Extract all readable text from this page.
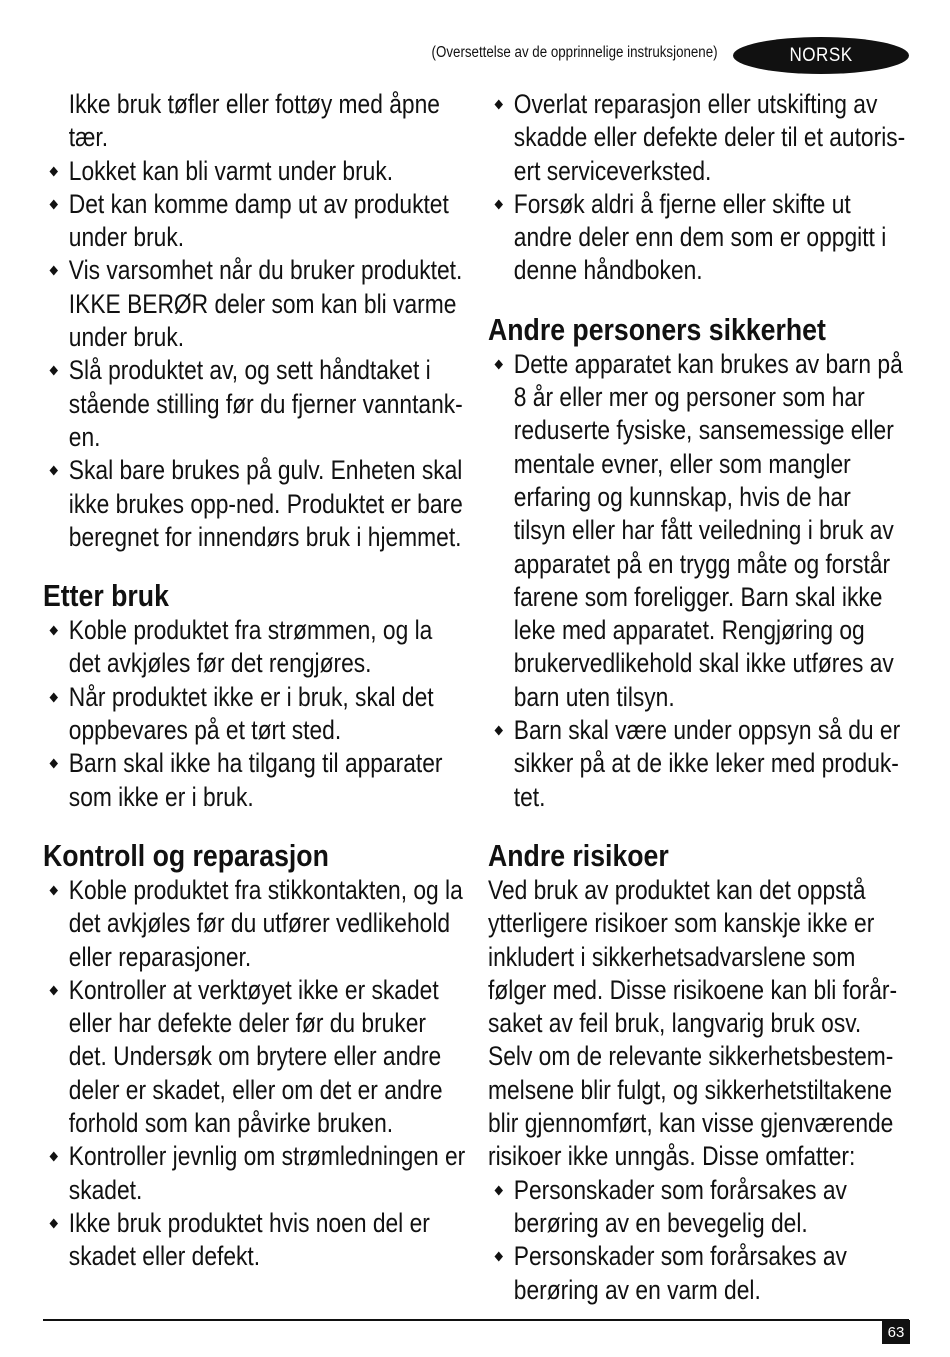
(Oversettelse av de opprinnelige instruksjonene)	NORSK
Ikke bruk tøfler eller fottøy med åpne tær.
Lokket kan bli varmt under bruk.
Det kan komme damp ut av produktet under bruk.
Vis varsomhet når du bruker produktet. IKKE BERØR deler som kan bli varme under bruk.
Slå produktet av, og sett håndtaket i stående stilling før du fjerner vanntank-en.
Skal bare brukes på gulv. Enheten skal ikke brukes opp-ned. Produktet er bare beregnet for innendørs bruk i hjemmet.
Etter bruk
Koble produktet fra strømmen, og la det avkjøles før det rengjøres.
Når produktet ikke er i bruk, skal det oppbevares på et tørt sted.
Barn skal ikke ha tilgang til apparater som ikke er i bruk.
Kontroll og reparasjon
Koble produktet fra stikkontakten, og la det avkjøles før du utfører vedlikehold eller reparasjoner.
Kontroller at verktøyet ikke er skadet eller har defekte deler før du bruker det. Undersøk om brytere eller andre deler er skadet, eller om det er andre forhold som kan påvirke bruken.
Kontroller jevnlig om strømledningen er skadet.
Ikke bruk produktet hvis noen del er skadet eller defekt.
Overlat reparasjon eller utskifting av skadde eller defekte deler til et autoris-ert serviceverksted.
Forsøk aldri å fjerne eller skifte ut andre deler enn dem som er oppgitt i denne håndboken.
Andre personers sikkerhet
Dette apparatet kan brukes av barn på 8 år eller mer og personer som har reduserte fysiske, sansemessige eller mentale evner, eller som mangler erfaring og kunnskap, hvis de har tilsyn eller har fått veiledning i bruk av apparatet på en trygg måte og forstår farene som foreligger. Barn skal ikke leke med apparatet. Rengjøring og brukervedlikehold skal ikke utføres av barn uten tilsyn.
Barn skal være under oppsyn så du er sikker på at de ikke leker med produk-tet.
Andre risikoer

Ved bruk av produktet kan det oppstå ytterligere risikoer som kanskje ikke er inkludert i sikkerhetsadvarslene som følger med. Disse risikoene kan bli forår-saket av feil bruk, langvarig bruk osv. Selv om de relevante sikkerhetsbestem-melsene blir fulgt, og sikkerhetstiltakene blir gjennomført, kan visse gjenværende risikoer ikke unngås. Disse omfatter:

Personskader som forårsakes av berøring av en bevegelig del.
Personskader som forårsakes av berøring av en varm del.
63
